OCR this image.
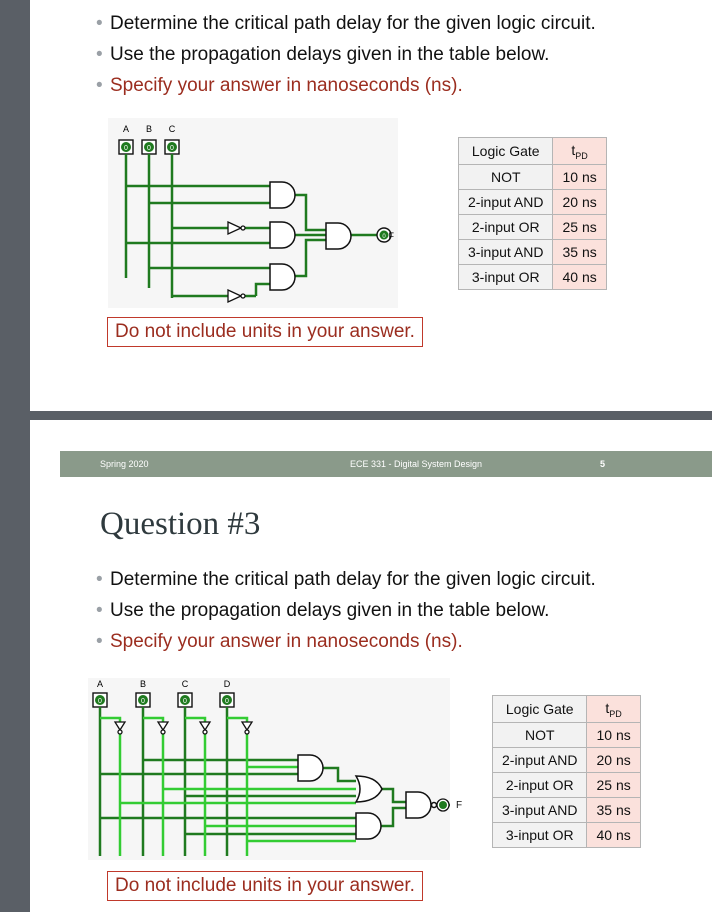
• Determine the critical path delay for the given logic circuit.
• Use the propagation delays given in the table below.
• Specify your answer in nanoseconds (ns).
A B C
0	0	0
0 F
Logic Gate	$t_{PD}$
NOT	10 ns
2-input AND	20 ns
2-input OR	25 ns
3-input AND	35 ns
3-input OR	40 ns
Do not include units in your answer.
Spring 2020	ECE 331 - Digital System Design	5
Question #3
• Determine the critical path delay for the given logic circuit.
• Use the propagation delays given in the table below.
• Specify your answer in nanoseconds (ns).
A	B	C	D
0	0	0	0
F
Logic Gate	$t_{PD}$
NOT	10 ns
2-input AND	20 ns
2-input OR	25 ns
3-input AND	35 ns
3-input OR	40 ns
Do not include units in your answer.
